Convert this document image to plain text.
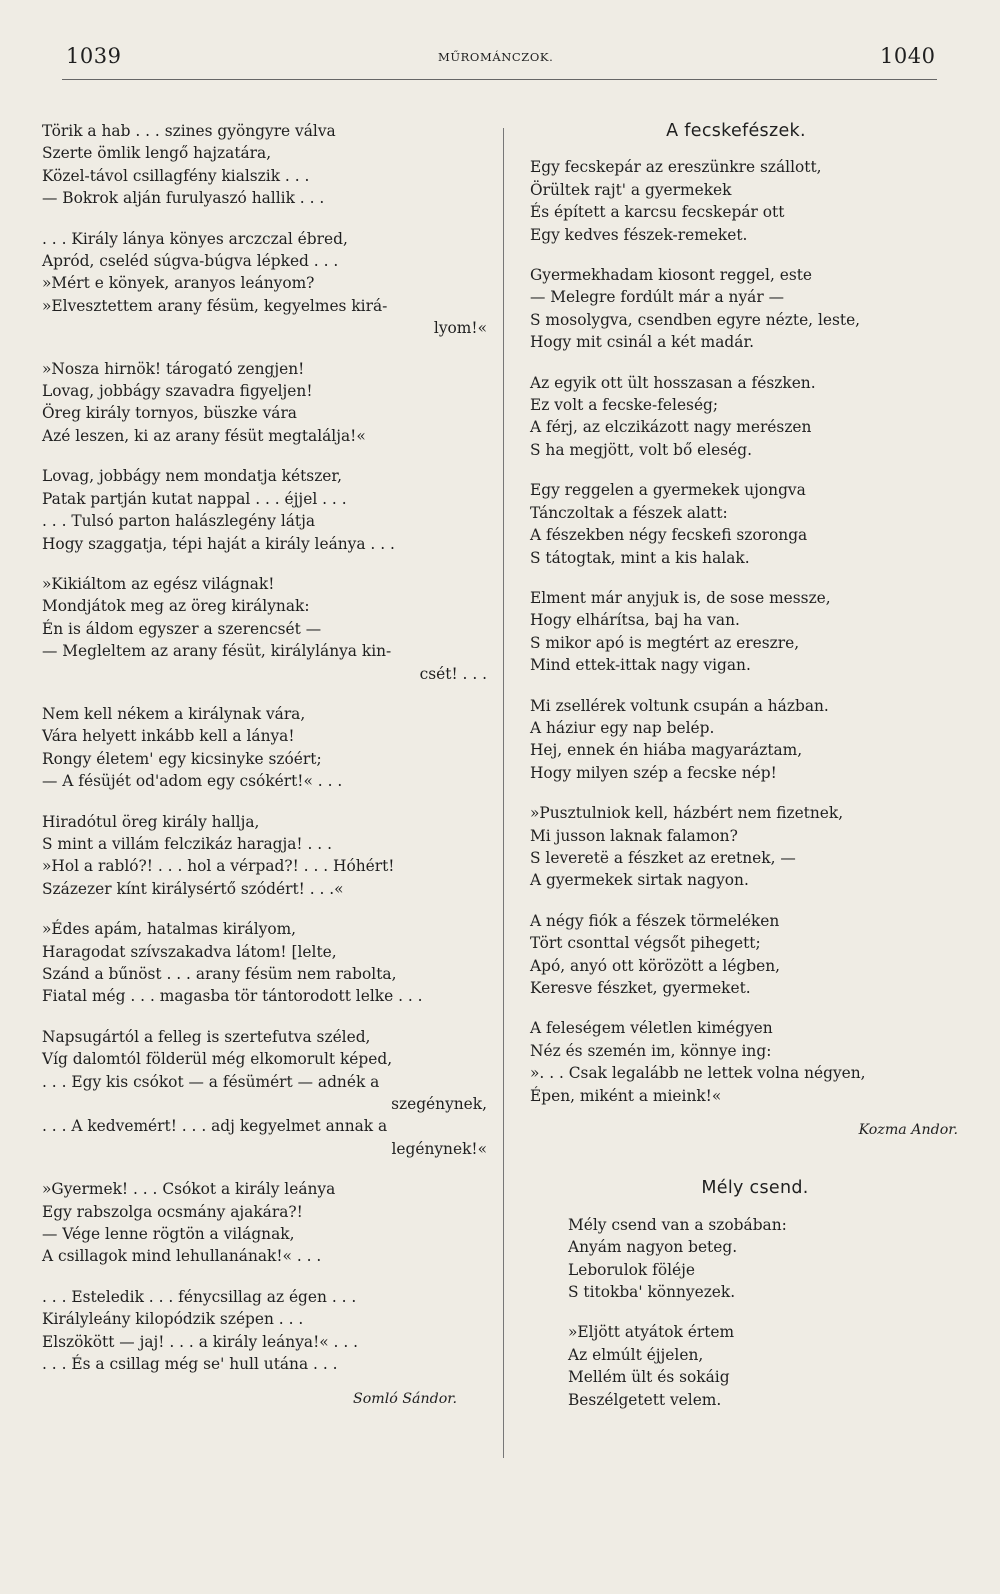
1039	MŰROMÁNCZOK.	1040
Törik a hab . . . szines gyöngyre válva
Szerte ömlik lengő hajzatára,
Közel-távol csillagfény kialszik . . .
— Bokrok alján furulyaszó hallik . . .
. . . Király lánya könyes arczczal ébred,
Apród, cseléd súgva-búgva lépked . . .
»Mért e könyek, aranyos leányom?
»Elvesztettem arany fésüm, kegyelmes kirá-
lyom!«
»Nosza hirnök! tárogató zengjen!
Lovag, jobbágy szavadra figyeljen!
Öreg király tornyos, büszke vára
Azé leszen, ki az arany fésüt megtalálja!«
Lovag, jobbágy nem mondatja kétszer,
Patak partján kutat nappal . . . éjjel . . .
. . . Tulsó parton halászlegény látja
Hogy szaggatja, tépi haját a király leánya . . .
»Kikiáltom az egész világnak!
Mondjátok meg az öreg királynak:
Én is áldom egyszer a szerencsét —
— Megleltem az arany fésüt, királylánya kin-
csét! . . .
Nem kell nékem a királynak vára,
Vára helyett inkább kell a lánya!
Rongy életem' egy kicsinyke szóért;
— A fésüjét od'adom egy csókért!« . . .
Hiradótul öreg király hallja,
S mint a villám felczikáz haragja! . . .
»Hol a rabló?! . . . hol a vérpad?! . . . Hóhért!
Százezer kínt királysértő szódért! . . .«
»Édes apám, hatalmas királyom,
Haragodat szívszakadva látom! [lelte,
Szánd a bűnöst . . . arany fésüm nem rabolta,
Fiatal még . . . magasba tör tántorodott lelke . . .
Napsugártól a felleg is szertefutva széled,
Víg dalomtól földerül még elkomorult képed,
. . . Egy kis csókot — a fésümért — adnék a
szegénynek,
. . . A kedvemért! . . . adj kegyelmet annak a
legénynek!«
»Gyermek! . . . Csókot a király leánya
Egy rabszolga ocsmány ajakára?!
— Vége lenne rögtön a világnak,
A csillagok mind lehullanának!« . . .
. . . Esteledik . . . fénycsillag az égen . . .
Királyleány kilopódzik szépen . . .
Elszökött — jaj! . . . a király leánya!« . . .
. . . És a csillag még se' hull utána . . .
Somló Sándor.
A fecskefészek.
Egy fecskepár az ereszünkre szállott,
Örültek rajt' a gyermekek
És épített a karcsu fecskepár ott
Egy kedves fészek-remeket.
Gyermekhadam kiosont reggel, este
— Melegre fordúlt már a nyár —
S mosolygva, csendben egyre nézte, leste,
Hogy mit csinál a két madár.
Az egyik ott ült hosszasan a fészken.
Ez volt a fecske-feleség;
A férj, az elczikázott nagy merészen
S ha megjött, volt bő eleség.
Egy reggelen a gyermekek ujongva
Tánczoltak a fészek alatt:
A fészekben négy fecskefi szoronga
S tátogtak, mint a kis halak.
Elment már anyjuk is, de sose messze,
Hogy elhárítsa, baj ha van.
S mikor apó is megtért az ereszre,
Mind ettek-ittak nagy vigan.
Mi zsellérek voltunk csupán a házban.
A háziur egy nap belép.
Hej, ennek én hiába magyaráztam,
Hogy milyen szép a fecske nép!
»Pusztulniok kell, házbért nem fizetnek,
Mi jusson laknak falamon?
S leveretё a fészket az eretnek, —
A gyermekek sirtak nagyon.
A négy fiók a fészek törmeléken
Tört csonttal végsőt pihegett;
Apó, anyó ott körözött a légben,
Keresve fészket, gyermeket.
A feleségem véletlen kimégyen
Néz és szemén im, könnye ing:
». . . Csak legalább ne lettek volna négyen,
Épen, miként a mieink!«
Kozma Andor.
Mély csend.
Mély csend van a szobában:
Anyám nagyon beteg.
Leborulok föléje
S titokba' könnyezek.
»Eljött atyátok értem
Az elmúlt éjjelen,
Mellém ült és sokáig
Beszélgetett velem.
